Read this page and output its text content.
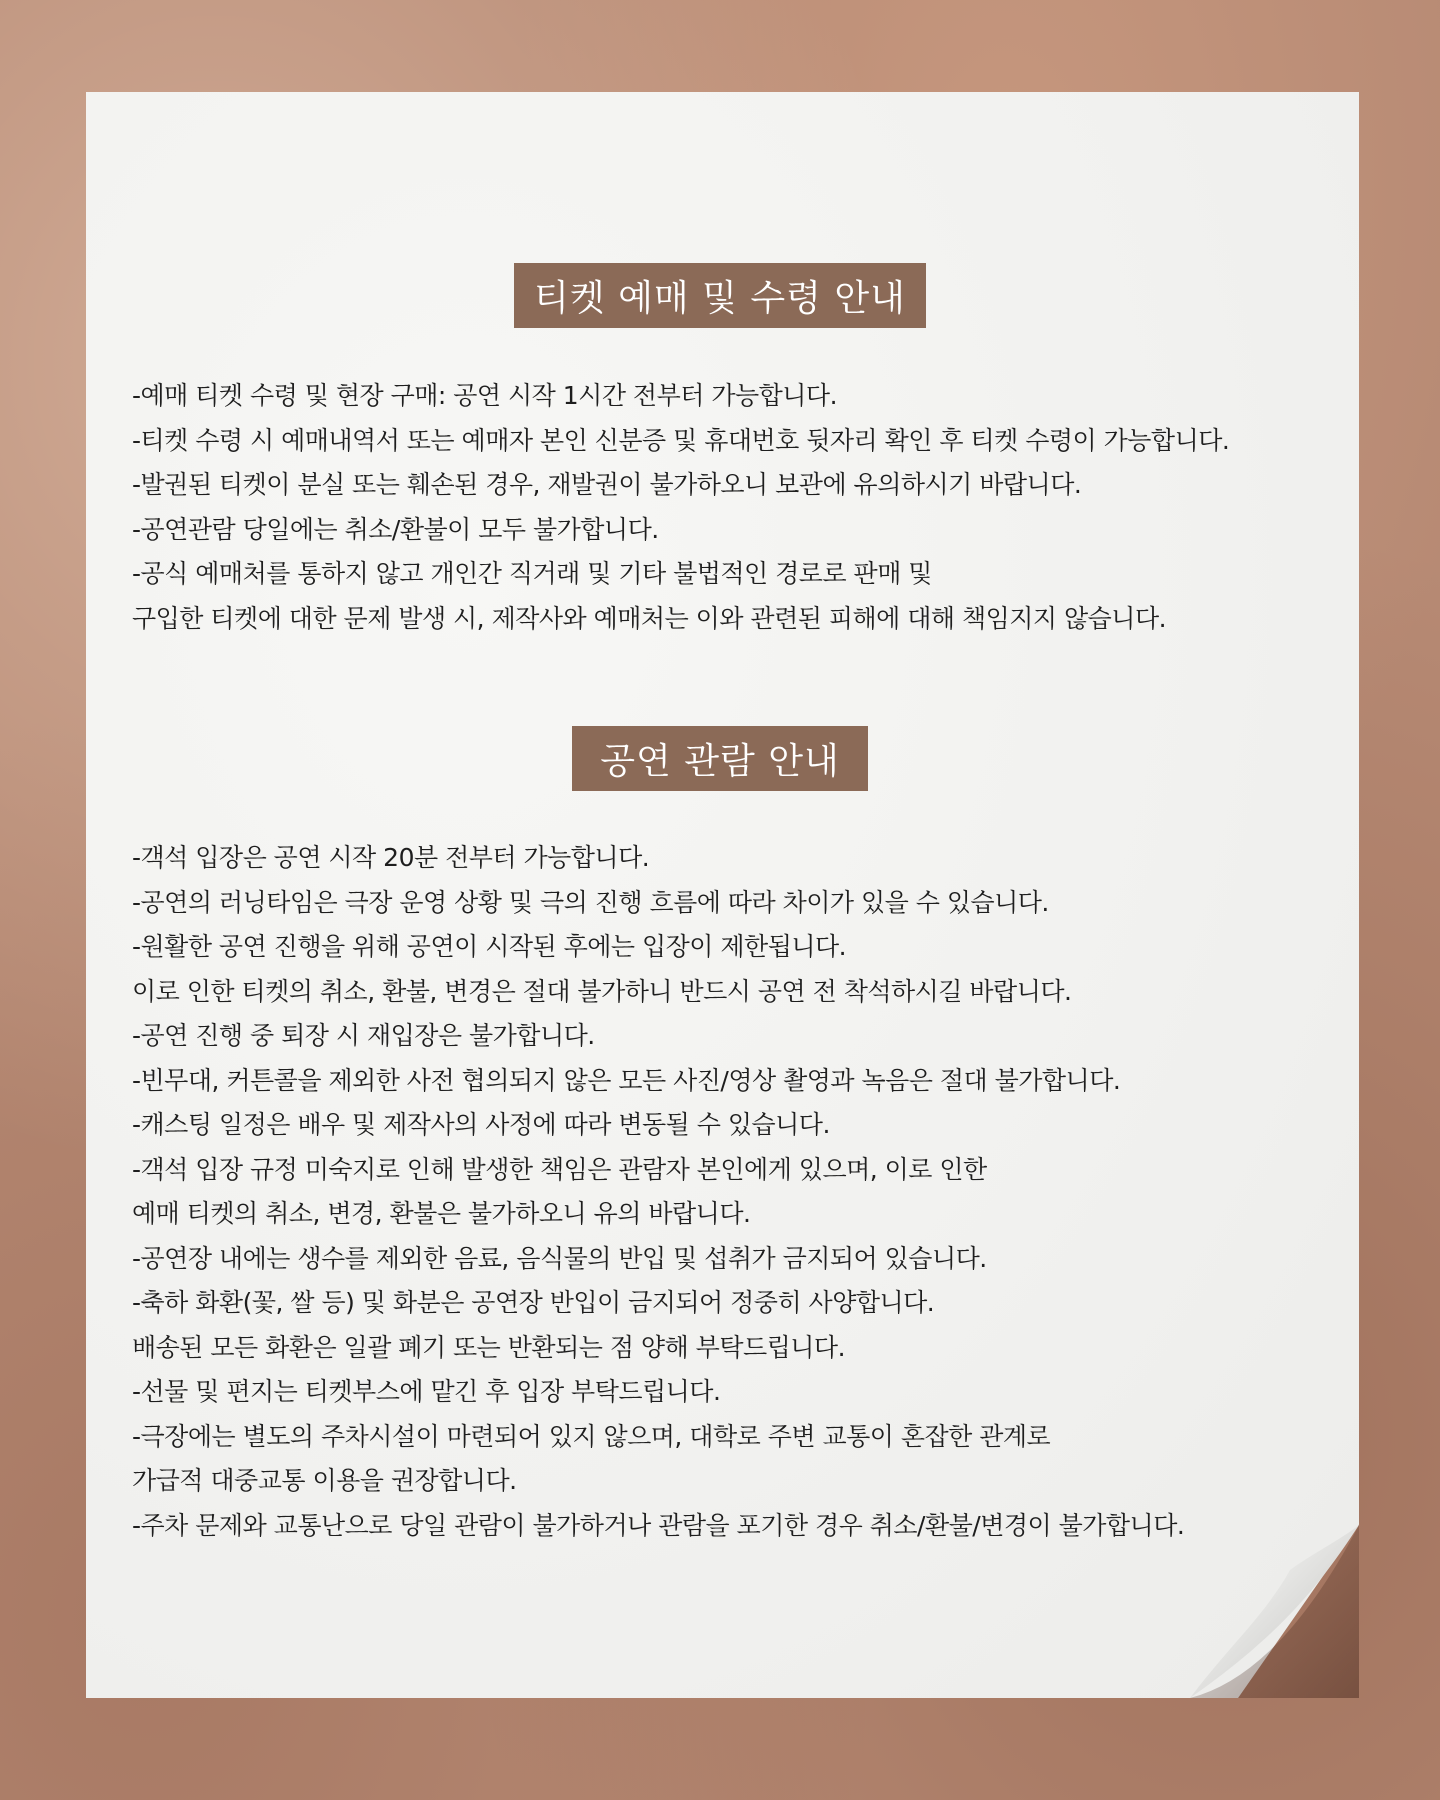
티켓 예매 및 수령 안내
-예매 티켓 수령 및 현장 구매: 공연 시작 1시간 전부터 가능합니다.
-티켓 수령 시 예매내역서 또는 예매자 본인 신분증 및 휴대번호 뒷자리 확인 후 티켓 수령이 가능합니다.
-발권된 티켓이 분실 또는 훼손된 경우, 재발권이 불가하오니 보관에 유의하시기 바랍니다.
-공연관람 당일에는 취소/환불이 모두 불가합니다.
-공식 예매처를 통하지 않고 개인간 직거래 및 기타 불법적인 경로로 판매 및
구입한 티켓에 대한 문제 발생 시, 제작사와 예매처는 이와 관련된 피해에 대해 책임지지 않습니다.
공연 관람 안내
-객석 입장은 공연 시작 20분 전부터 가능합니다.
-공연의 러닝타임은 극장 운영 상황 및 극의 진행 흐름에 따라 차이가 있을 수 있습니다.
-원활한 공연 진행을 위해 공연이 시작된 후에는 입장이 제한됩니다.
이로 인한 티켓의 취소, 환불, 변경은 절대 불가하니 반드시 공연 전 착석하시길 바랍니다.
-공연 진행 중 퇴장 시 재입장은 불가합니다.
-빈무대, 커튼콜을 제외한 사전 협의되지 않은 모든 사진/영상 촬영과 녹음은 절대 불가합니다.
-캐스팅 일정은 배우 및 제작사의 사정에 따라 변동될 수 있습니다.
-객석 입장 규정 미숙지로 인해 발생한 책임은 관람자 본인에게 있으며, 이로 인한
예매 티켓의 취소, 변경, 환불은 불가하오니 유의 바랍니다.
-공연장 내에는 생수를 제외한 음료, 음식물의 반입 및 섭취가 금지되어 있습니다.
-축하 화환(꽃, 쌀 등) 및 화분은 공연장 반입이 금지되어 정중히 사양합니다.
배송된 모든 화환은 일괄 폐기 또는 반환되는 점 양해 부탁드립니다.
-선물 및 편지는 티켓부스에 맡긴 후 입장 부탁드립니다.
-극장에는 별도의 주차시설이 마련되어 있지 않으며, 대학로 주변 교통이 혼잡한 관계로
가급적 대중교통 이용을 권장합니다.
-주차 문제와 교통난으로 당일 관람이 불가하거나 관람을 포기한 경우 취소/환불/변경이 불가합니다.
